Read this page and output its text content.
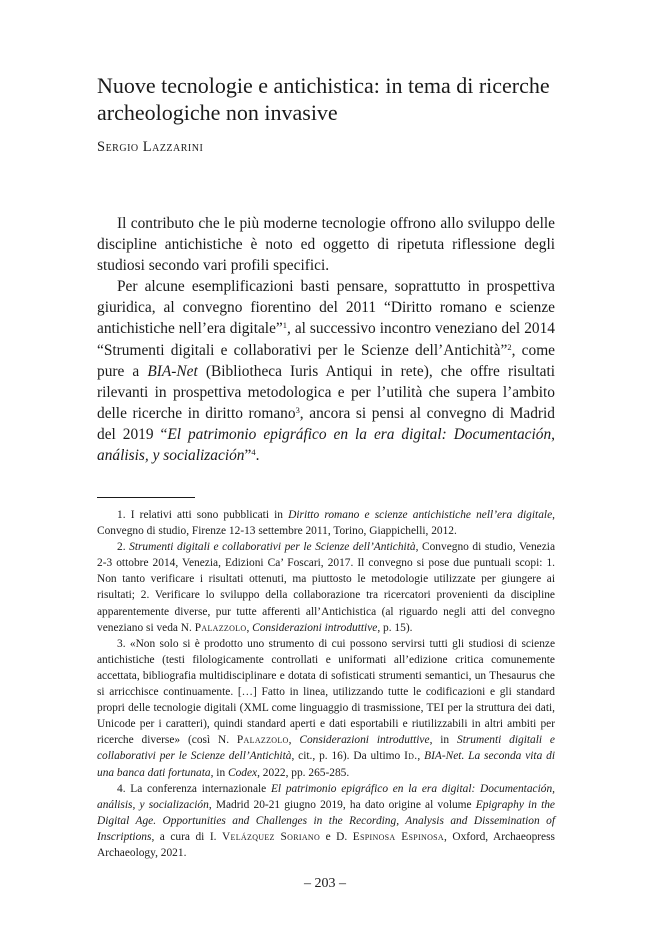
Nuove tecnologie e antichistica: in tema di ricerche archeologiche non invasive

Sergio Lazzarini

Il contributo che le più moderne tecnologie offrono allo sviluppo delle discipline antichistiche è noto ed oggetto di ripetuta riflessione degli studiosi secondo vari profili specifici.

Per alcune esemplificazioni basti pensare, soprattutto in prospettiva giuridica, al convegno fiorentino del 2011 “Diritto romano e scienze antichistiche nell’era digitale”$^1$, al successivo incontro veneziano del 2014 “Strumenti digitali e collaborativi per le Scienze dell’Antichità”$^2$, come pure a BIA-Net (Bibliotheca Iuris Antiqui in rete), che offre risultati rilevanti in prospettiva metodologica e per l’utilità che supera l’ambito delle ricerche in diritto romano$^3$, ancora si pensi al convegno di Madrid del 2019 “El patrimonio epigráfico en la era digital: Documentación, análisis, y socialización”$^4$.

1. I relativi atti sono pubblicati in Diritto romano e scienze antichistiche nell’era digitale, Convegno di studio, Firenze 12-13 settembre 2011, Torino, Giappichelli, 2012.

2. Strumenti digitali e collaborativi per le Scienze dell’Antichità, Convegno di studio, Venezia 2-3 ottobre 2014, Venezia, Edizioni Ca’ Foscari, 2017. Il convegno si pose due puntuali scopi: 1. Non tanto verificare i risultati ottenuti, ma piuttosto le metodologie utilizzate per giungere ai risultati; 2. Verificare lo sviluppo della collaborazione tra ricercatori provenienti da discipline apparentemente diverse, pur tutte afferenti all’Antichistica (al riguardo negli atti del convegno veneziano si veda N. Palazzolo, Considerazioni introduttive, p. 15).

3. «Non solo si è prodotto uno strumento di cui possono servirsi tutti gli studiosi di scienze antichistiche (testi filologicamente controllati e uniformati all’edizione critica comunemente accettata, bibliografia multidisciplinare e dotata di sofisticati strumenti semantici, un Thesaurus che si arricchisce continuamente. […] Fatto in linea, utilizzando tutte le codificazioni e gli standard propri delle tecnologie digitali (XML come linguaggio di trasmissione, TEI per la struttura dei dati, Unicode per i caratteri), quindi standard aperti e dati esportabili e riutilizzabili in altri ambiti per ricerche diverse» (così N. Palazzolo, Considerazioni introduttive, in Strumenti digitali e collaborativi per le Scienze dell’Antichità, cit., p. 16). Da ultimo Id., BIA-Net. La seconda vita di una banca dati fortunata, in Codex, 2022, pp. 265-285.

4. La conferenza internazionale El patrimonio epigráfico en la era digital: Documentación, análisis, y socialización, Madrid 20-21 giugno 2019, ha dato origine al volume Epigraphy in the Digital Age. Opportunities and Challenges in the Recording, Analysis and Dissemination of Inscriptions, a cura di I. Velázquez Soriano e D. Espinosa Espinosa, Oxford, Archaeopress Archaeology, 2021.

– 203 –
